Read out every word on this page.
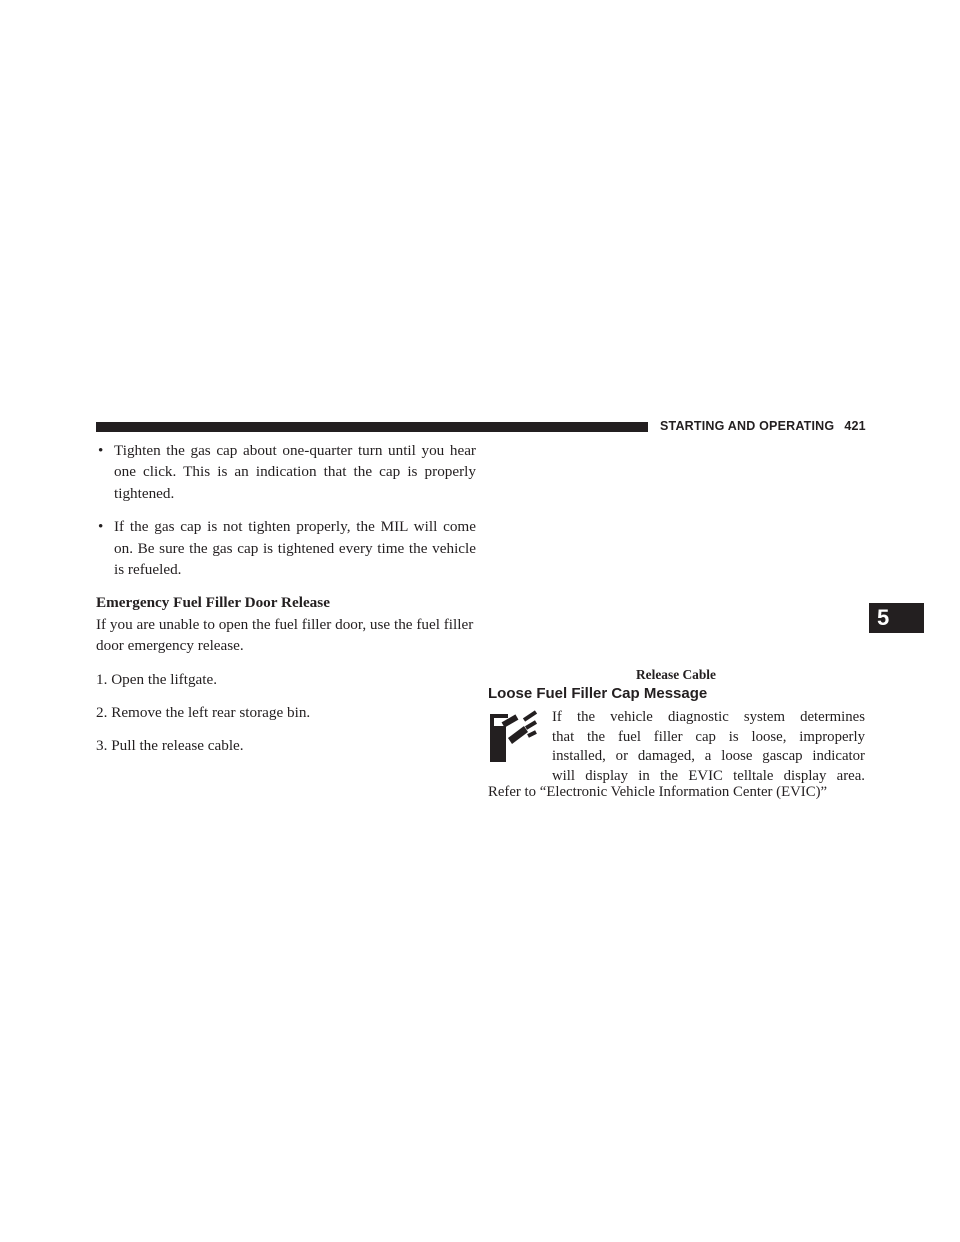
STARTING AND OPERATING 421
5
• Tighten the gas cap about one-quarter turn until you hear one click. This is an indication that the cap is properly tightened.
• If the gas cap is not tighten properly, the MIL will come on. Be sure the gas cap is tightened every time the vehicle is refueled.

Emergency Fuel Filler Door Release

If you are unable to open the fuel filler door, use the fuel filler door emergency release.

1. Open the liftgate.

2. Remove the left rear storage bin.

3. Pull the release cable.

Release Cable
Loose Fuel Filler Cap Message

If the vehicle diagnostic system determines

that the fuel filler cap is loose, improperly

installed, or damaged, a loose gascap indicator

will display in the EVIC telltale display area.

Refer to “Electronic Vehicle Information Center (EVIC)”
